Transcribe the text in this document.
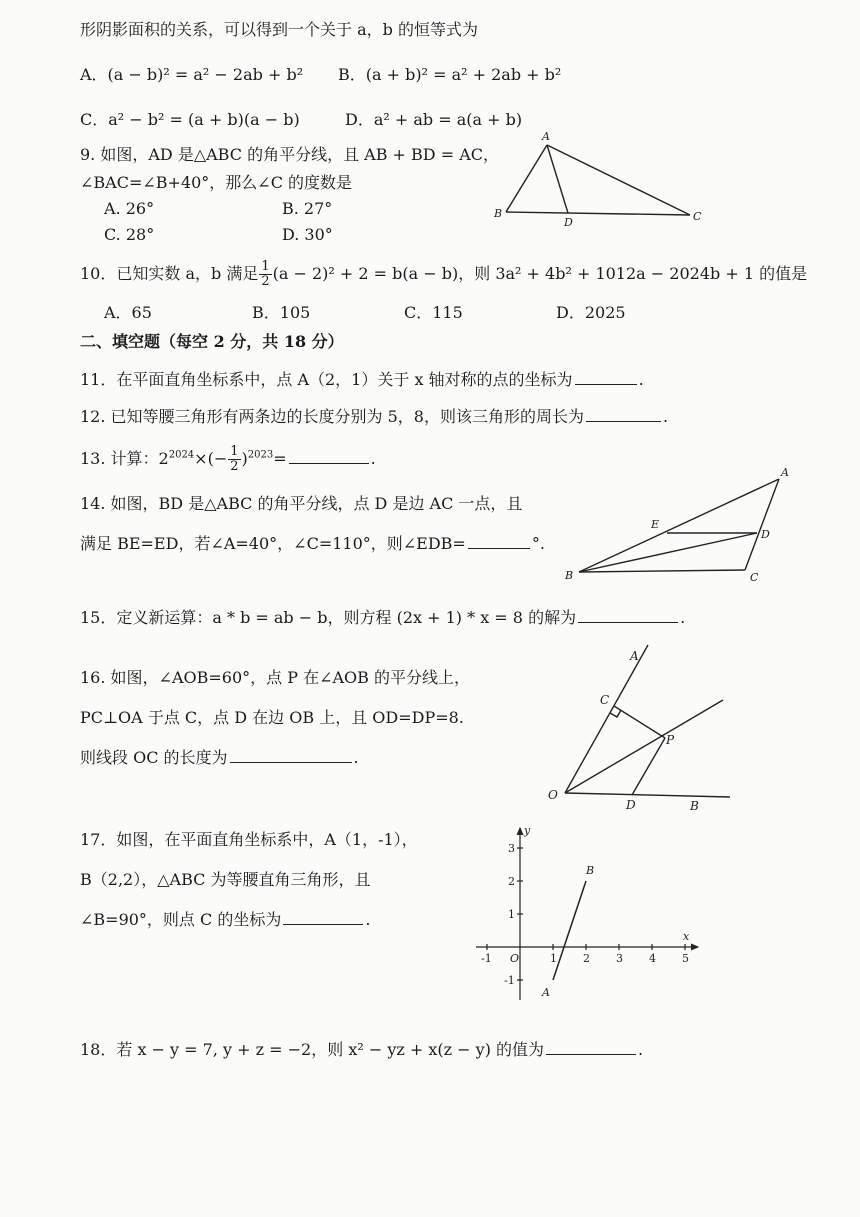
形阴影面积的关系，可以得到一个关于 a，b 的恒等式为
A．(a − b)² = a² − 2ab + b² B．(a + b)² = a² + 2ab + b²
C．a² − b² = (a + b)(a − b)	D．a² + ab = a(a + b)
9. 如图，AD 是△ABC 的角平分线，且 AB + BD = AC，
∠BAC=∠B+40°，那么∠C 的度数是
A. 26°	B. 27°
C. 28°	D. 30°
A
B	C
D
10．已知实数 a，b 满足 $\frac{1}{2} (a - 2)^2 + 2 = b(a - b)$，则 3a² + 4b² + 1012a − 2024b + 1 的值是
A．65	B．105	C．115	D．2025
二、填空题（每空 2 分，共 18 分）
11．在平面直角坐标系中，点 A（2，1）关于 x 轴对称的点的坐标为	.
12. 已知等腰三角形有两条边的长度分别为 5，8，则该三角形的周长为	.
13. 计算：$2^{2024}\times(- \frac{1}{2} )^{2023}=$	.
14. 如图，BD 是△ABC 的角平分线，点 D 是边 AC 一点，且
满足 BE=ED，若∠A=40°，∠C=110°，则∠EDB=	°.
A
B	C
D
E
15．定义新运算：a * b = ab − b，则方程 (2x + 1) * x = 8 的解为	.
16. 如图，∠AOB=60°，点 P 在∠AOB 的平分线上，
PC⊥OA 于点 C，点 D 在边 OB 上，且 OD=DP=8.
则线段 OC 的长度为	.
A
B
C
D
O
P
17．如图，在平面直角坐标系中，A（1，-1），
B（2,2），△ABC 为等腰直角三角形，且
∠B=90°，则点 C 的坐标为	.
x
y
O
-1	1 2 3 4 5
3
2
1
-1
A
B
18．若 x − y = 7, y + z = −2，则 x² − yz + x(z − y) 的值为	.
